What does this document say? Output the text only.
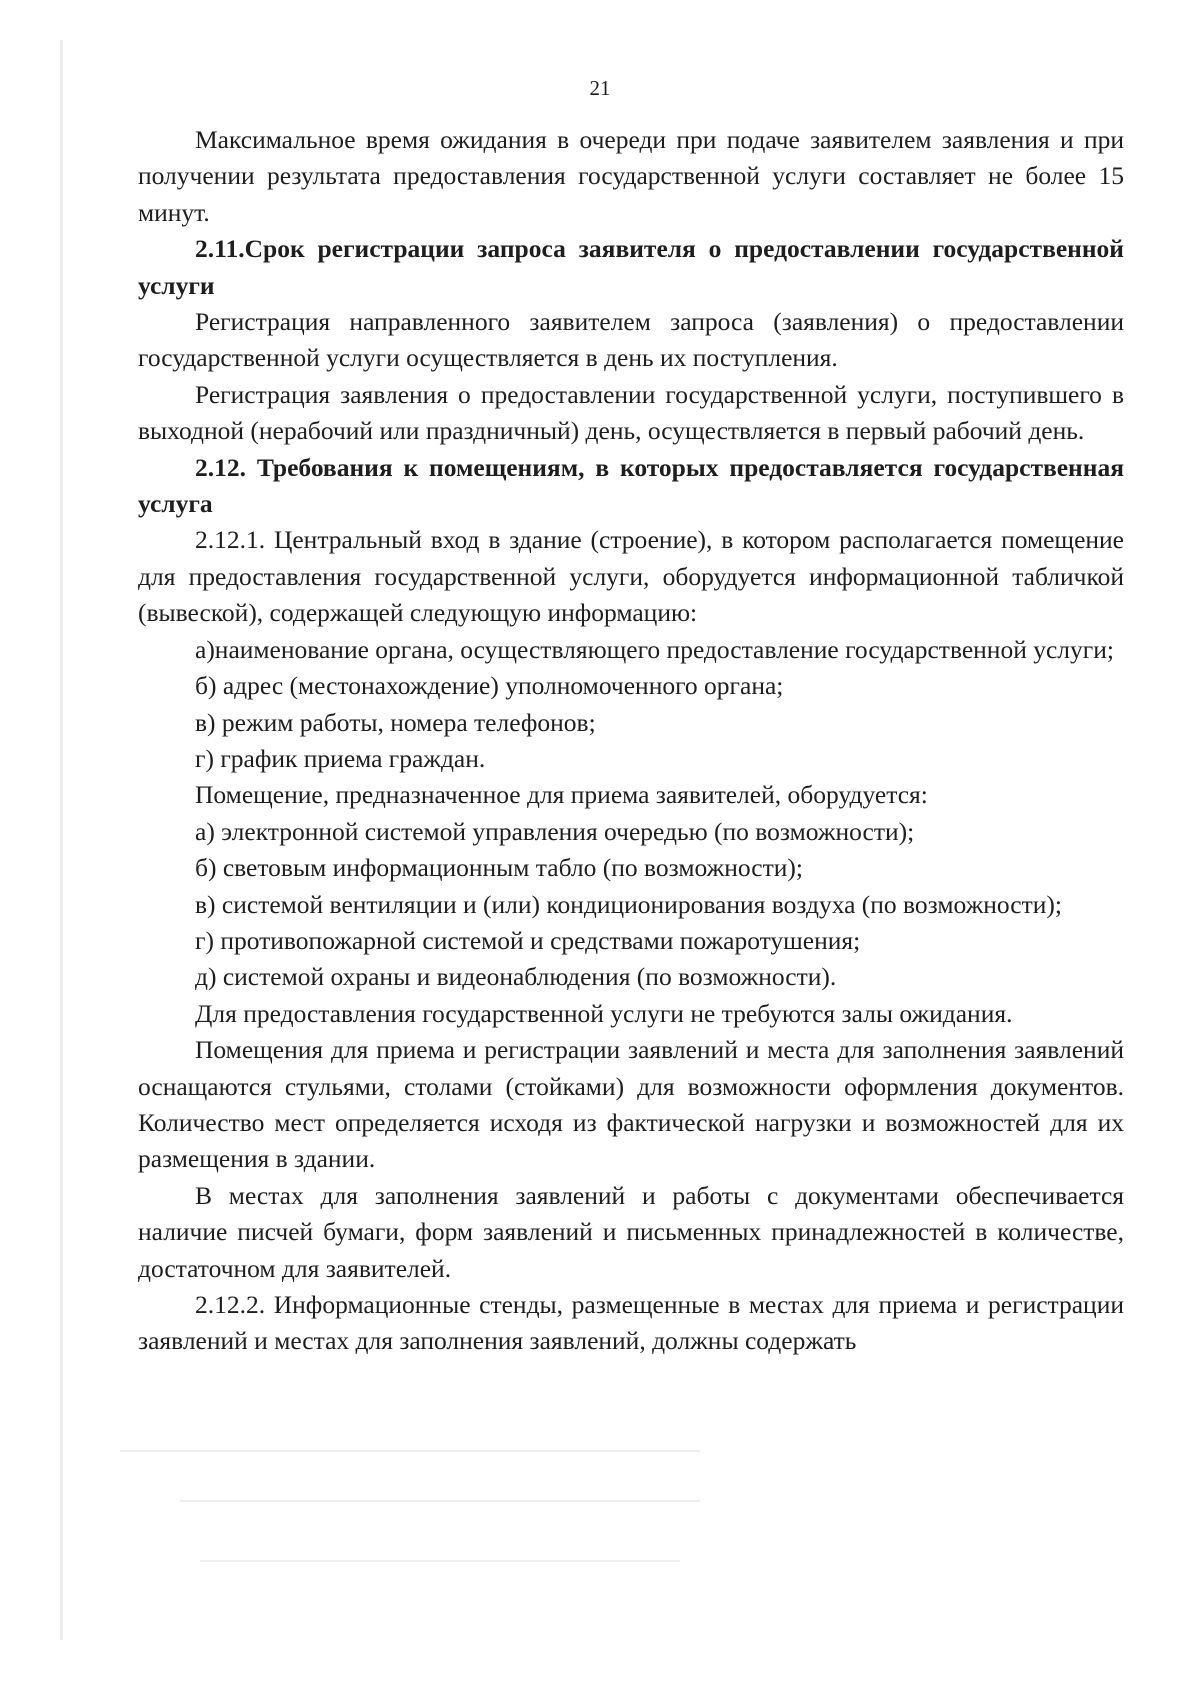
21

Максимальное время ожидания в очереди при подаче заявителем заявления и при получении результата предоставления государственной услуги составляет не более 15 минут.

2.11.Срок регистрации запроса заявителя о предоставлении государственной услуги

Регистрация направленного заявителем запроса (заявления) о предоставлении государственной услуги осуществляется в день их поступления.

Регистрация заявления о предоставлении государственной услуги, поступившего в выходной (нерабочий или праздничный) день, осуществляется в первый рабочий день.

2.12. Требования к помещениям, в которых предоставляется государственная услуга

2.12.1. Центральный вход в здание (строение), в котором располагается помещение для предоставления государственной услуги, оборудуется информационной табличкой (вывеской), содержащей следующую информацию:

а)наименование органа, осуществляющего предоставление государственной услуги;

б) адрес (местонахождение) уполномоченного органа;

в) режим работы, номера телефонов;

г) график приема граждан.

Помещение, предназначенное для приема заявителей, оборудуется:

а) электронной системой управления очередью (по возможности);

б) световым информационным табло (по возможности);

в) системой вентиляции и (или) кондиционирования воздуха (по возможности);

г) противопожарной системой и средствами пожаротушения;

д) системой охраны и видеонаблюдения (по возможности).

Для предоставления государственной услуги не требуются залы ожидания.

Помещения для приема и регистрации заявлений и места для заполнения заявлений оснащаются стульями, столами (стойками) для возможности оформления документов. Количество мест определяется исходя из фактической нагрузки и возможностей для их размещения в здании.

В местах для заполнения заявлений и работы с документами обеспечивается наличие писчей бумаги, форм заявлений и письменных принадлежностей в количестве, достаточном для заявителей.

2.12.2. Информационные стенды, размещенные в местах для приема и регистрации заявлений и местах для заполнения заявлений, должны содержать
